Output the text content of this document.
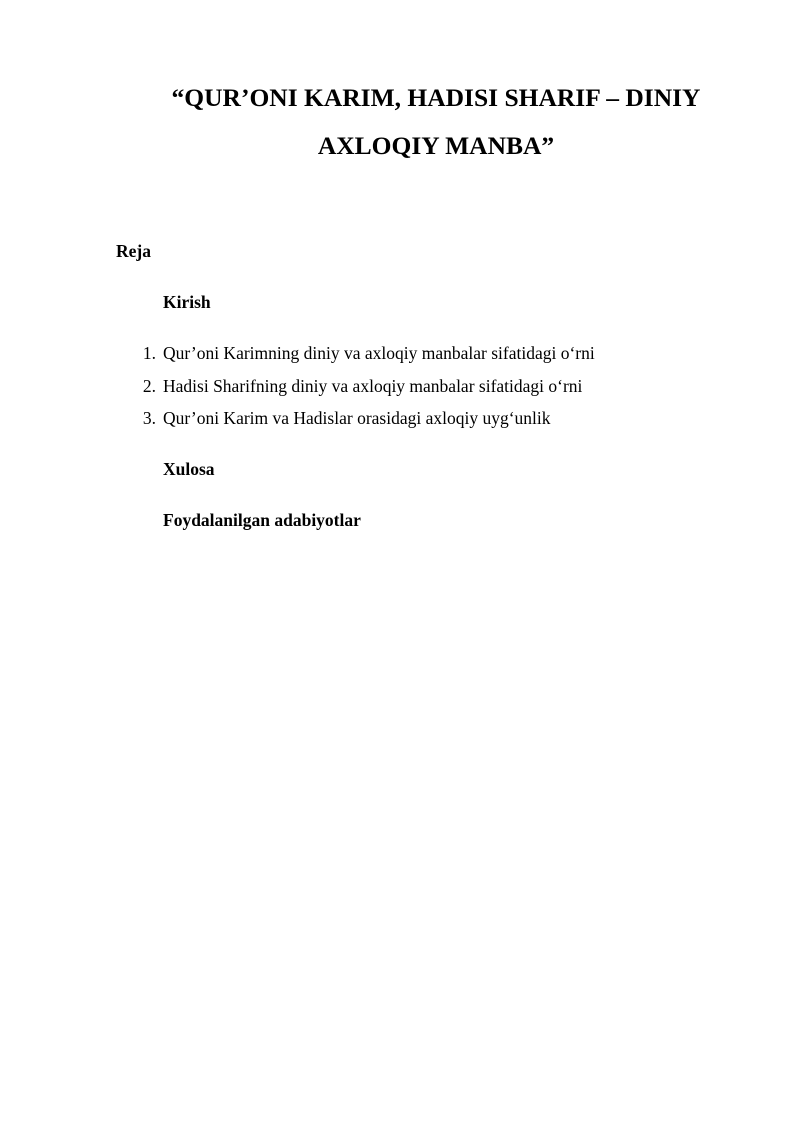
“QUR’ONI KARIM, HADISI SHARIF – DINIY
AXLOQIY MANBA”

Reja

Kirish

1. Qur’oni Karimning diniy va axloqiy manbalar sifatidagi o‘rni
2. Hadisi Sharifning diniy va axloqiy manbalar sifatidagi o‘rni
3. Qur’oni Karim va Hadislar orasidagi axloqiy uyg‘unlik

Xulosa

Foydalanilgan adabiyotlar
